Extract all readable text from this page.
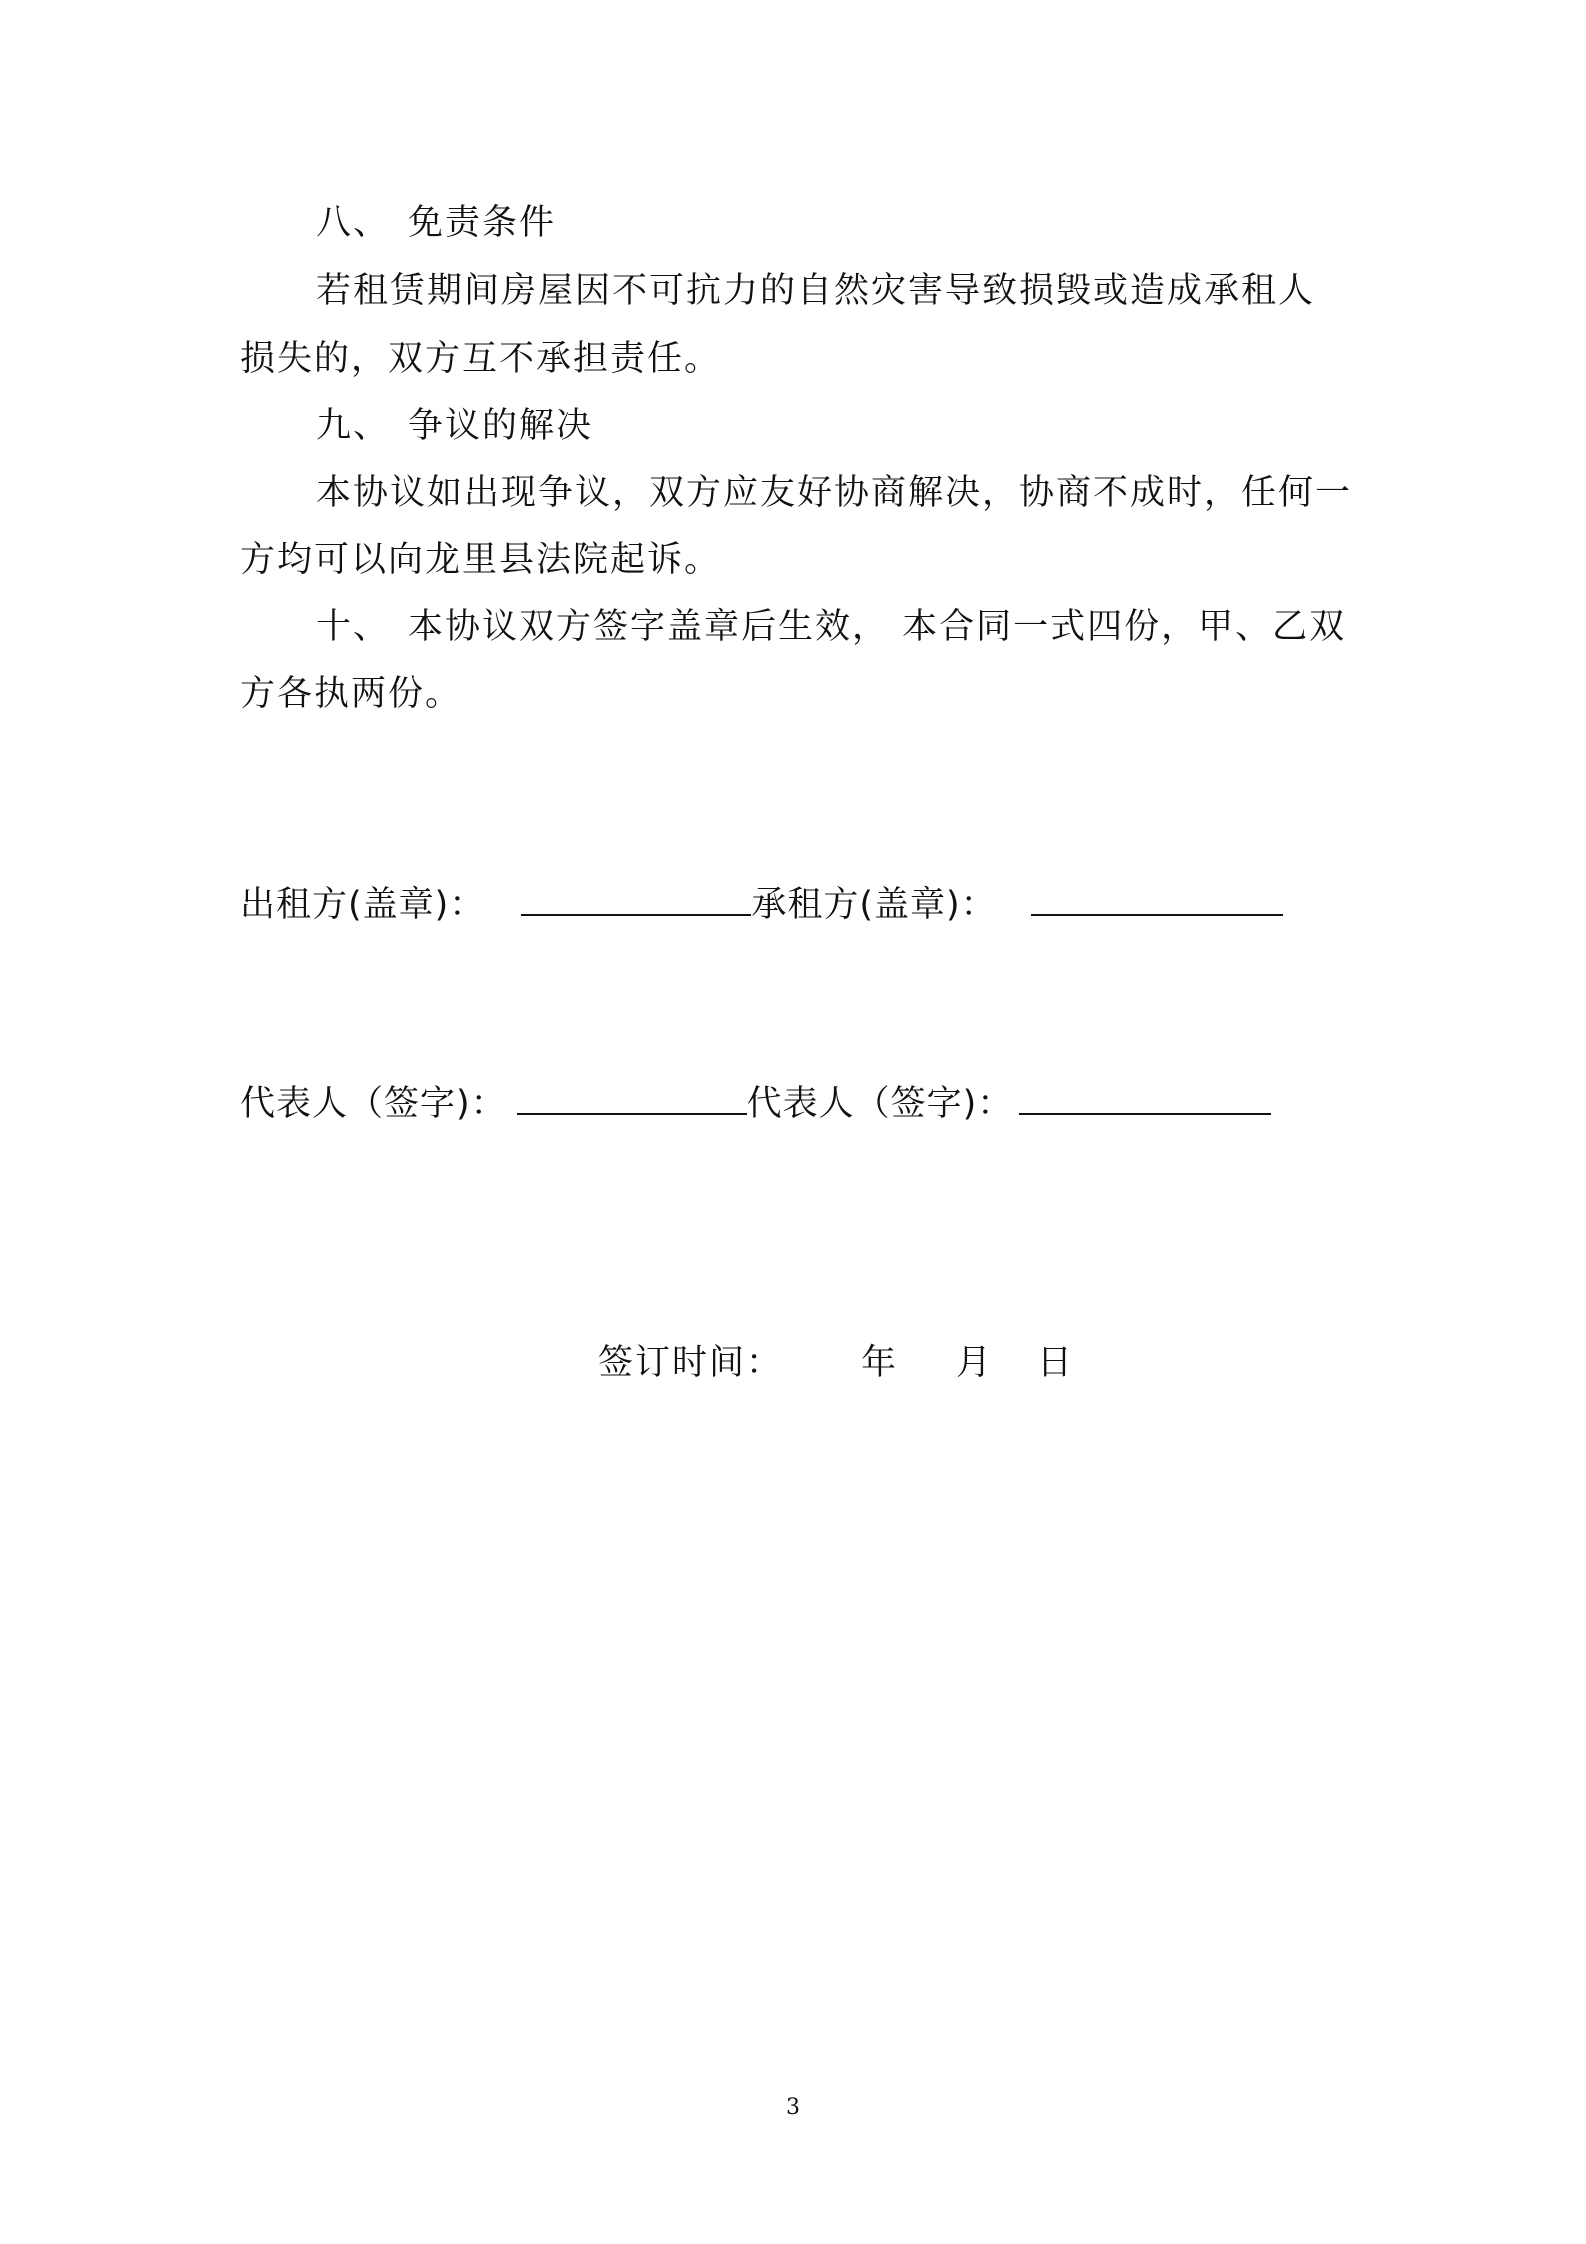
八、 免责条件
若租赁期间房屋因不可抗力的自然灾害导致损毁或造成承租人
损失的，双方互不承担责任。
九、 争议的解决
本协议如出现争议，双方应友好协商解决，协商不成时，任何一
方均可以向龙里县法院起诉。
十、 本协议双方签字盖章后生效， 本合同一式四份，甲、乙双
方各执两份。
出租方(盖章)：	承租方(盖章)：
代表人（签字)：	代表人（签字)：
签订时间： 年 月 日
3
